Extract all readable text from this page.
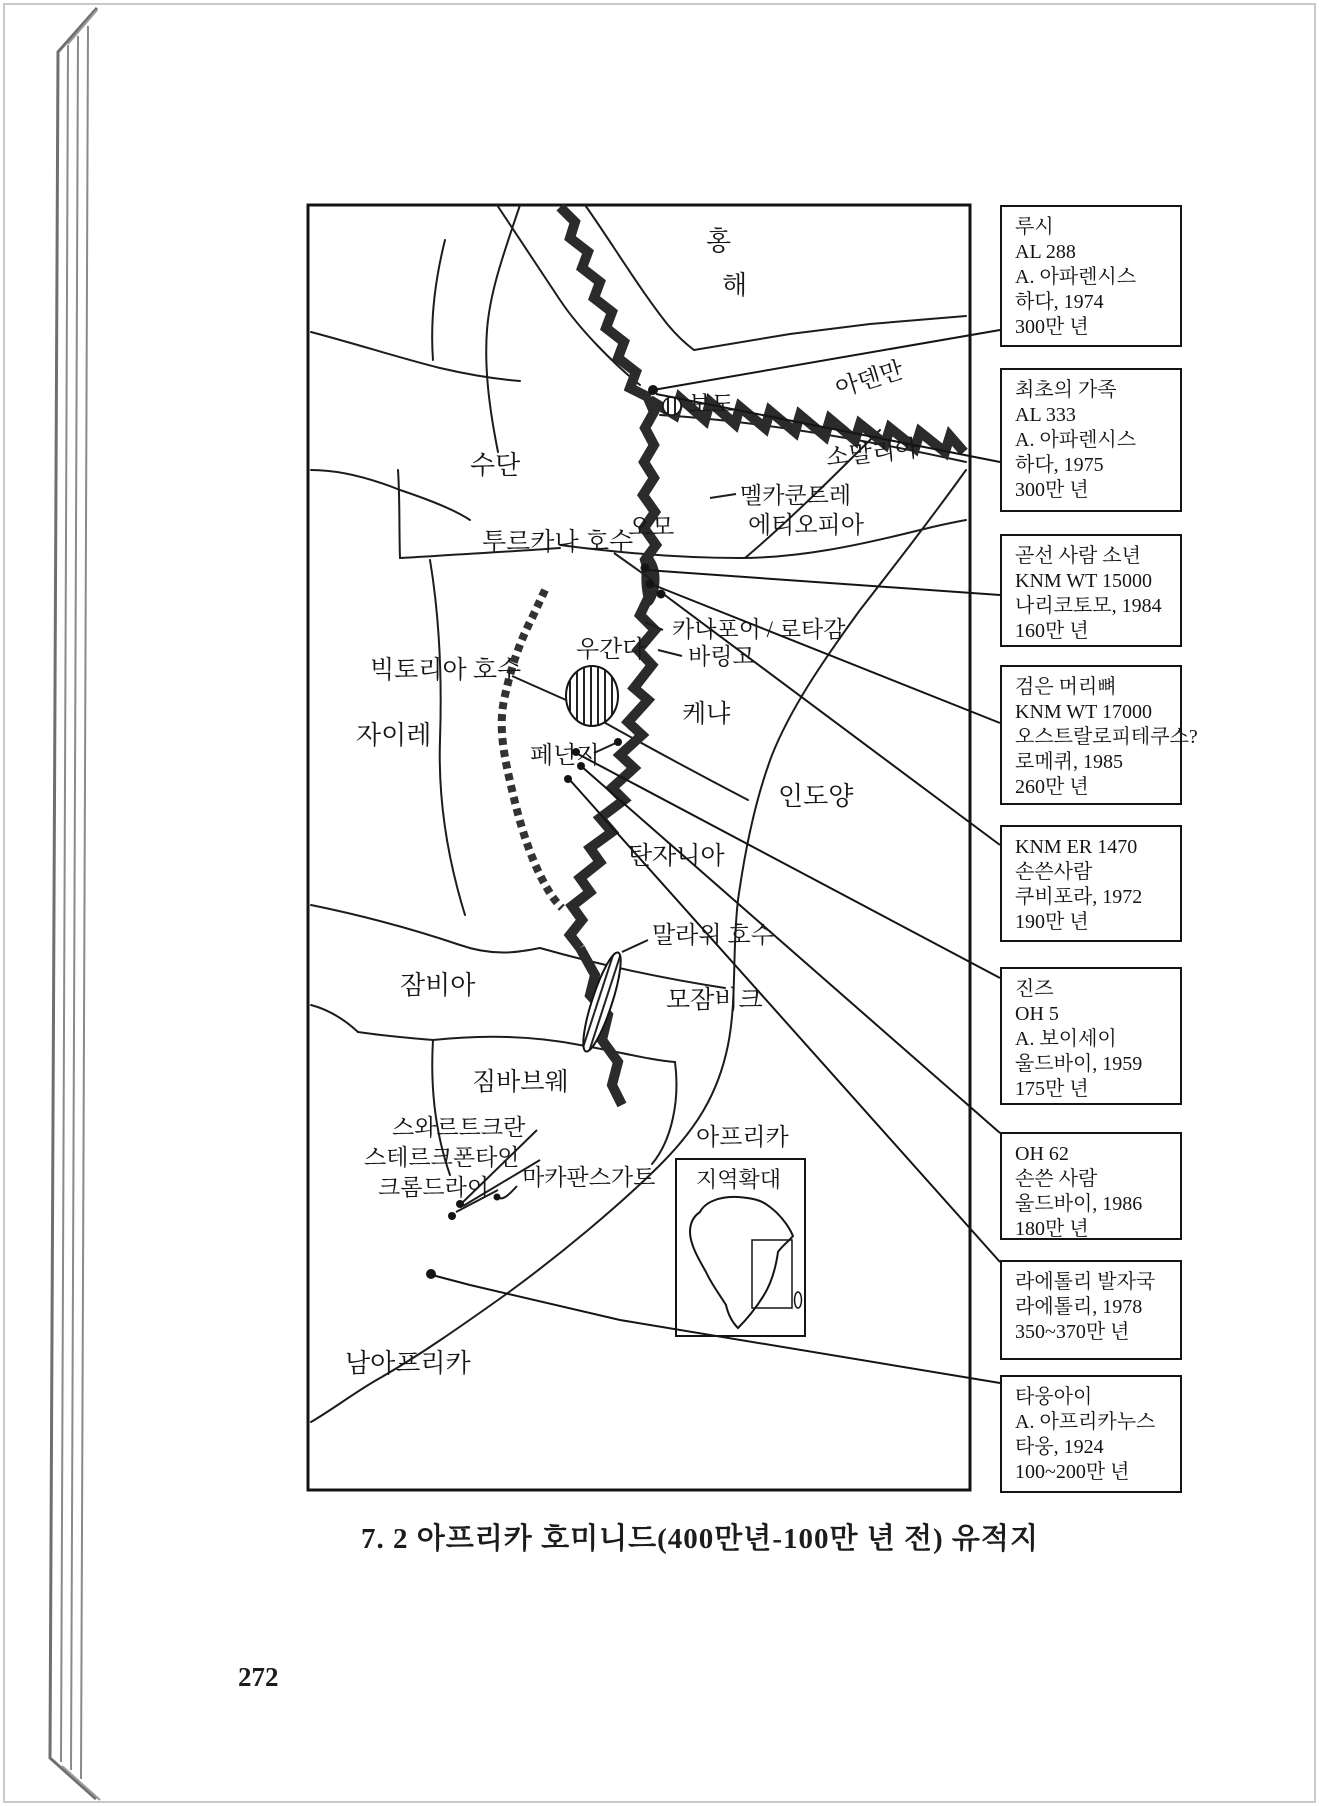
홍
해
아덴만
소말리아
수단
보도
멜카쿤트레
에티오피아
오모
투르카나 호수
카나포이 / 로타감
바링고
우간다
빅토리아 호수
케냐
자이레
페넌지
인도양
탄자니아
말라위 호수
잠비아
모잠비크
짐바브웨
스와르트크란
스테르크폰타인
크롬드라이 마카판스가트
남아프리카
아프리카
지역확대
루시
AL 288
A. 아파렌시스
하다, 1974
300만 년
최초의 가족
AL 333
A. 아파렌시스
하다, 1975
300만 년
곧선 사람 소년
KNM WT 15000
나리코토모, 1984
160만 년
검은 머리뼈
KNM WT 17000
오스트랄로피테쿠스?
로메퀴, 1985
260만 년
KNM ER 1470
손쓴사람
쿠비포라, 1972
190만 년
진즈
OH 5
A. 보이세이
울드바이, 1959
175만 년
OH 62
손쓴 사람
울드바이, 1986
180만 년
라에톨리 발자국
라에톨리, 1978
350~370만 년
타웅아이
A. 아프리카누스
타웅, 1924
100~200만 년
7. 2 아프리카 호미니드(400만년-100만 년 전) 유적지
272
